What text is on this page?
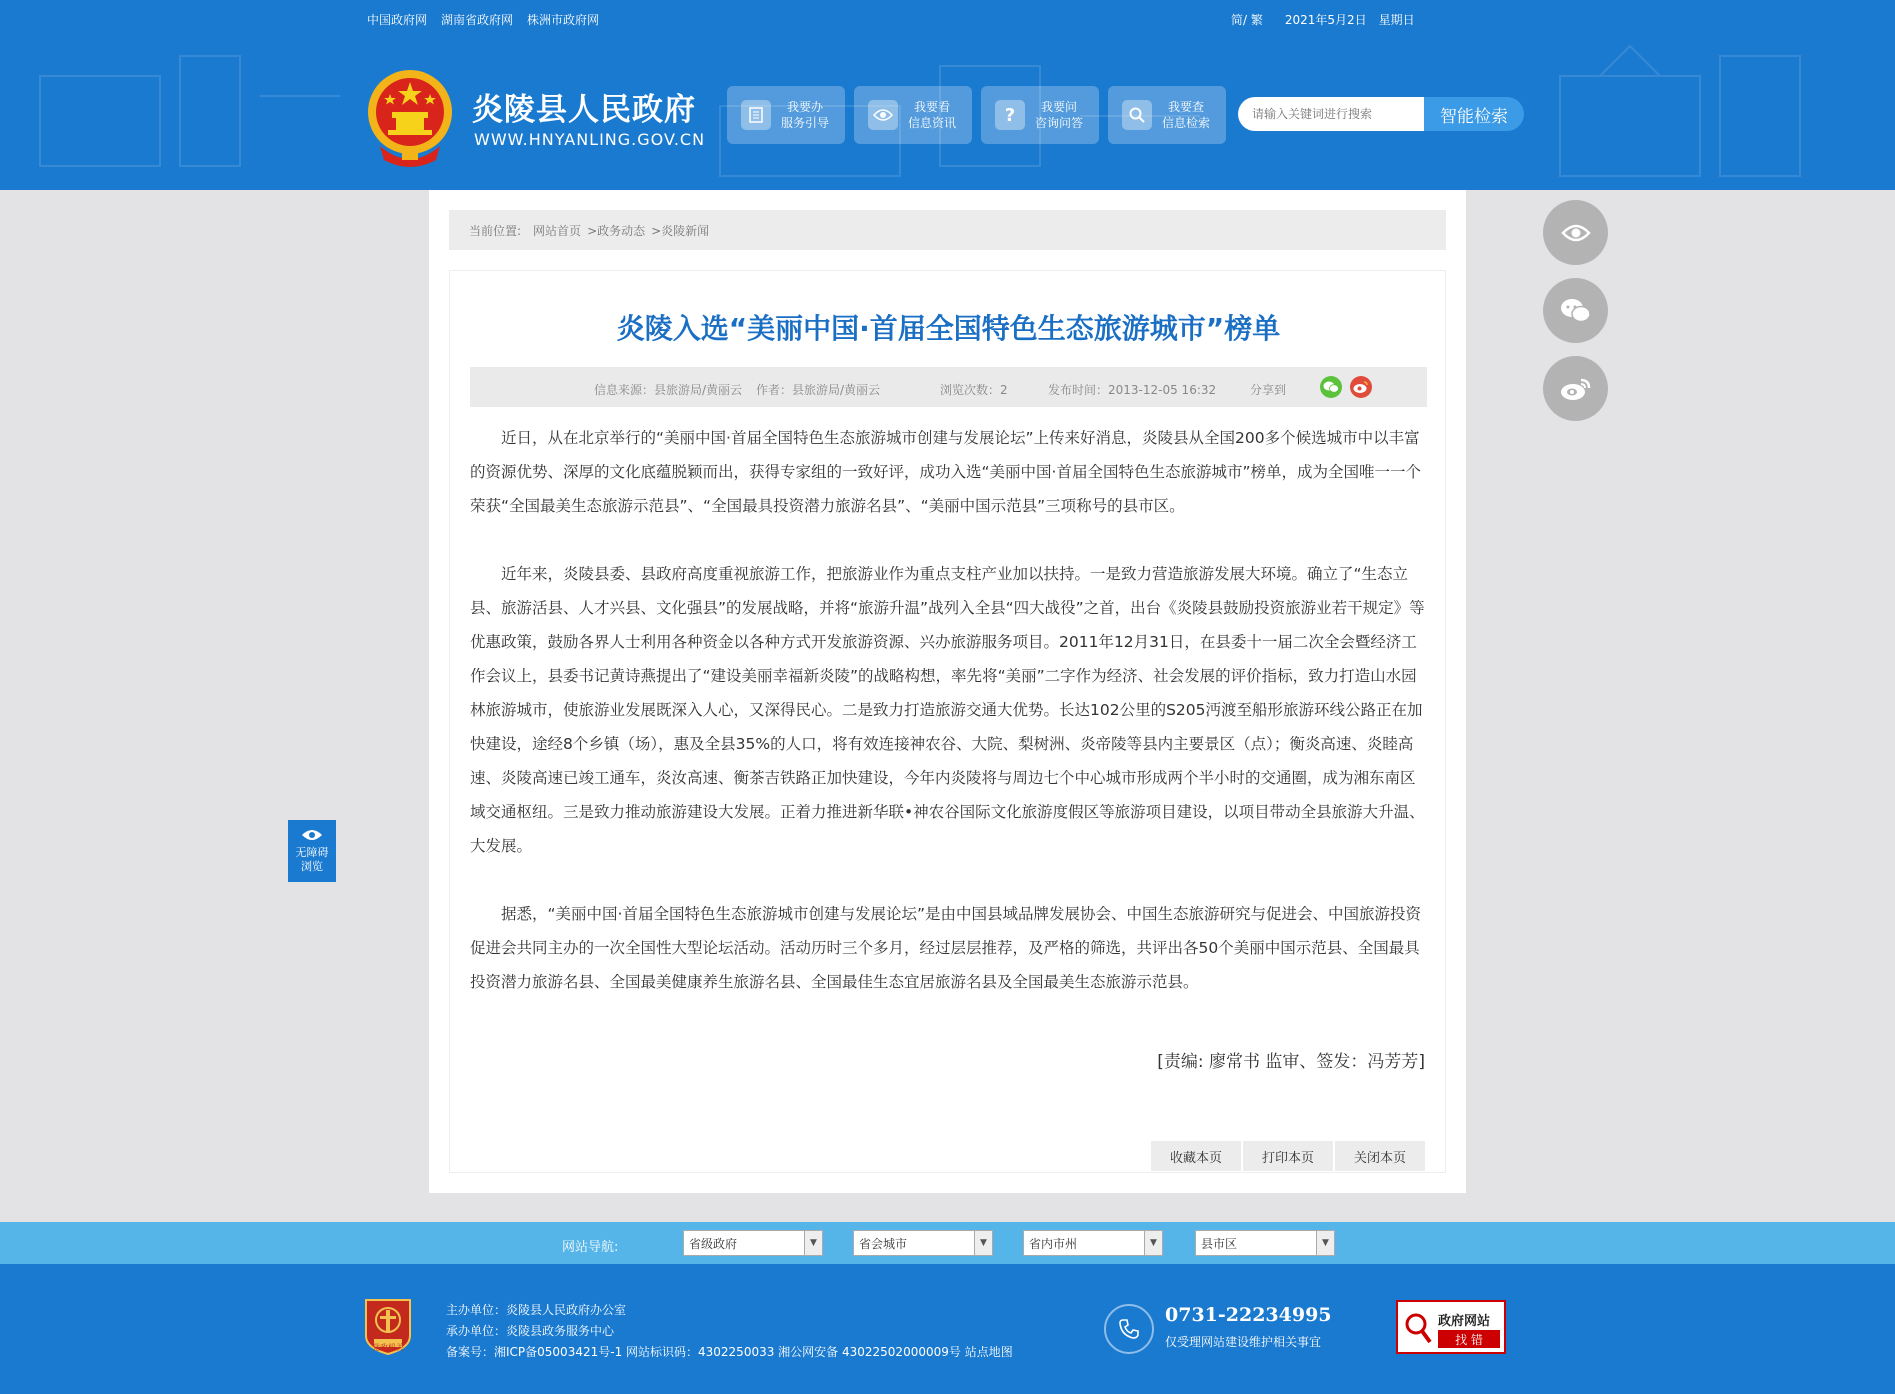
中国政府网 湖南省政府网 株洲市政府网	简/ 繁 2021年5月2日 星期日
炎陵县人民政府
WWW.HNYANLING.GOV.CN
我要办
服务引导
我要看
信息资讯	?	我要问
咨询问答
我要查
信息检索
请输入关键词进行搜索	智能检索
当前位置: 网站首页 >政务动态 >炎陵新闻
炎陵入选“美丽中国·首届全国特色生态旅游城市”榜单
信息来源：县旅游局/黄丽云 作者：县旅游局/黄丽云	浏览次数：2	发布时间：2013-12-05 16:32	分享到

近日，从在北京举行的“美丽中国·首届全国特色生态旅游城市创建与发展论坛”上传来好消息，炎陵县从全国200多个候选城市中以丰富的资源优势、深厚的文化底蕴脱颖而出，获得专家组的一致好评，成功入选“美丽中国·首届全国特色生态旅游城市”榜单，成为全国唯一一个荣获“全国最美生态旅游示范县”、“全国最具投资潜力旅游名县”、“美丽中国示范县”三项称号的县市区。

近年来，炎陵县委、县政府高度重视旅游工作，把旅游业作为重点支柱产业加以扶持。一是致力营造旅游发展大环境。确立了“生态立县、旅游活县、人才兴县、文化强县”的发展战略，并将“旅游升温”战列入全县“四大战役”之首，出台《炎陵县鼓励投资旅游业若干规定》等优惠政策，鼓励各界人士利用各种资金以各种方式开发旅游资源、兴办旅游服务项目。2011年12月31日，在县委十一届二次全会暨经济工作会议上，县委书记黄诗燕提出了“建设美丽幸福新炎陵”的战略构想，率先将“美丽”二字作为经济、社会发展的评价指标，致力打造山水园林旅游城市，使旅游业发展既深入人心，又深得民心。二是致力打造旅游交通大优势。长达102公里的S205沔渡至船形旅游环线公路正在加快建设，途经8个乡镇（场），惠及全县35%的人口，将有效连接神农谷、大院、梨树洲、炎帝陵等县内主要景区（点）；衡炎高速、炎睦高速、炎陵高速已竣工通车，炎汝高速、衡茶吉铁路正加快建设，今年内炎陵将与周边七个中心城市形成两个半小时的交通圈，成为湘东南区域交通枢纽。三是致力推动旅游建设大发展。正着力推进新华联•神农谷国际文化旅游度假区等旅游项目建设，以项目带动全县旅游大升温、大发展。

据悉，“美丽中国·首届全国特色生态旅游城市创建与发展论坛”是由中国县域品牌发展协会、中国生态旅游研究与促进会、中国旅游投资促进会共同主办的一次全国性大型论坛活动。活动历时三个多月，经过层层推荐，及严格的筛选，共评出各50个美丽中国示范县、全国最具投资潜力旅游名县、全国最美健康养生旅游名县、全国最佳生态宜居旅游名县及全国最美生态旅游示范县。

[责编: 廖常书 监审、签发：冯芳芳]
收藏本页	打印本页	关闭本页
无障碍
浏览
网站导航:	省级政府	▼	省会城市	▼	省内市州	▼	县市区	▼
党政机关
主办单位：炎陵县人民政府办公室
承办单位：炎陵县政务服务中心
备案号：湘ICP备05003421号-1 网站标识码：4302250033 湘公网安备 43022502000009号 站点地图
0731-22234995
仅受理网站建设维护相关事宜
政府网站
找 错
